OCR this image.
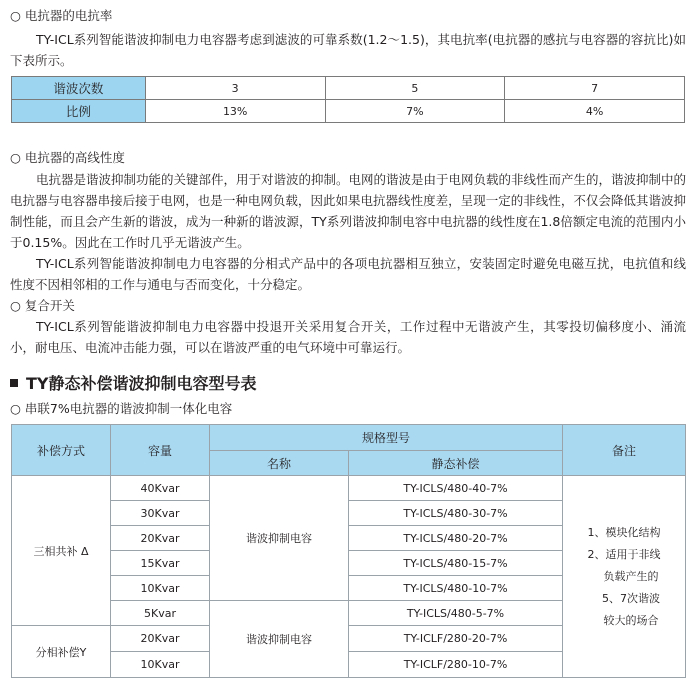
○ 电抗器的电抗率
TY-ICL系列智能谐波抑制电力电容器考虑到滤波的可靠系数(1.2～1.5)，其电抗率(电抗器的感抗与电容器的容抗比)如下表所示。
谐波次数	3	5	7
比例	13%	7%	4%
○ 电抗器的高线性度
电抗器是谐波抑制功能的关键部件，用于对谐波的抑制。电网的谐波是由于电网负载的非线性而产生的，谐波抑制中的电抗器与电容器串接后接于电网，也是一种电网负载，因此如果电抗器线性度差，呈现一定的非线性，不仅会降低其谐波抑制性能，而且会产生新的谐波，成为一种新的谐波源，TY系列谐波抑制电容中电抗器的线性度在1.8倍额定电流的范围内小于0.15%。因此在工作时几乎无谐波产生。
TY-ICL系列智能谐波抑制电力电容器的分相式产品中的各项电抗器相互独立，安装固定时避免电磁互扰，电抗值和线性度不因相邻相的工作与通电与否而变化，十分稳定。
○ 复合开关
TY-ICL系列智能谐波抑制电力电容器中投退开关采用复合开关，工作过程中无谐波产生，其零投切偏移度小、涌流小，耐电压、电流冲击能力强，可以在谐波严重的电气环境中可靠运行。
TY静态补偿谐波抑制电容型号表
○ 串联7%电抗器的谐波抑制一体化电容
补偿方式	容量	规格型号		备注
		名称	静态补偿	
三相共补 Δ	40Kvar	谐波抑制电容	TY-ICLS/480-40-7%	1、模块化结构
2、适用于非线
负载产生的
5、7次谐波
较大的场合

	30Kvar		TY-ICLS/480-30-7%	
	20Kvar		TY-ICLS/480-20-7%	
	15Kvar		TY-ICLS/480-15-7%	
	10Kvar		TY-ICLS/480-10-7%	
	5Kvar	谐波抑制电容	TY-ICLS/480-5-7%	
分相补偿Y	20Kvar		TY-ICLF/280-20-7%	
	10Kvar		TY-ICLF/280-10-7%	
